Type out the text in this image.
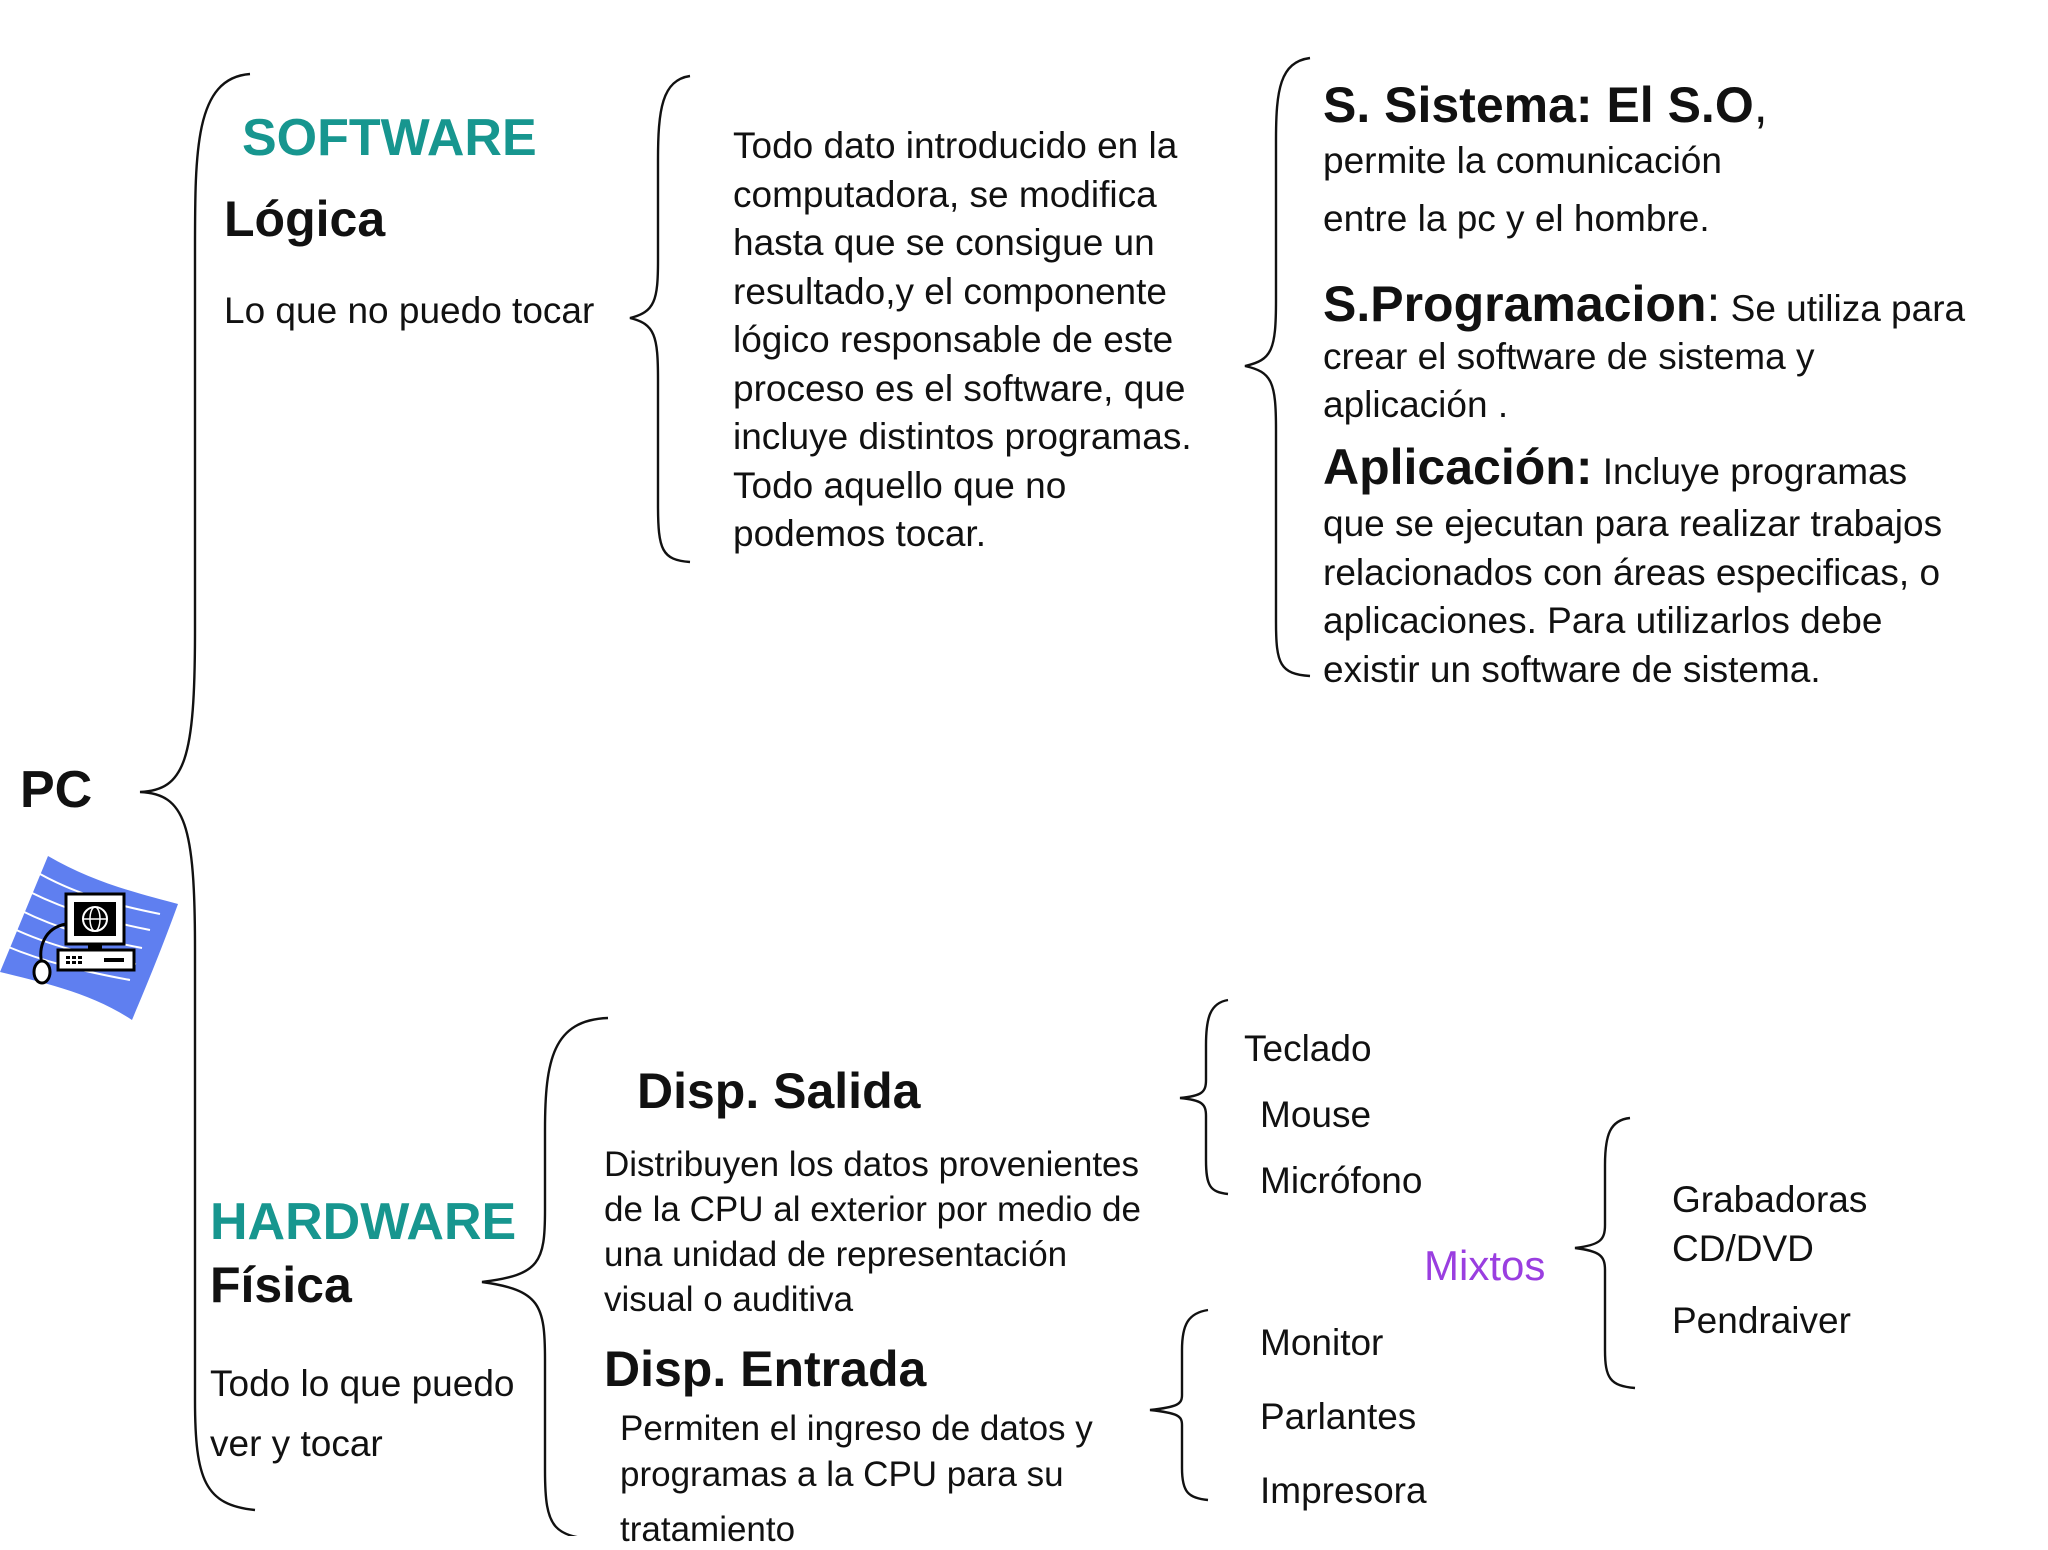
PC
SOFTWARE
Lógica
Lo que no puedo tocar
Todo dato introducido en la
computadora, se modifica
hasta que se consigue un
resultado,y el componente
lógico responsable de este
proceso es el software, que
incluye distintos programas.
Todo aquello que no
podemos tocar.
S. Sistema: El S.O,
permite la comunicación
entre la pc y el hombre.
S.Programacion: Se utiliza para
crear el software de sistema y
aplicación .
Aplicación: Incluye programas
que se ejecutan para realizar trabajos
relacionados con áreas especificas, o
aplicaciones. Para utilizarlos debe
existir un software de sistema.
HARDWARE
Física
Todo lo que puedo
ver y tocar
Disp. Salida
Distribuyen los datos provenientes
de la CPU al exterior por medio de
una unidad de representación
visual o auditiva
Teclado
Mouse
Micrófono
Mixtos
Grabadoras
CD/DVD
Pendraiver
Disp. Entrada
Permiten el ingreso de datos y
programas a la CPU para su
tratamiento
Monitor
Parlantes
Impresora
